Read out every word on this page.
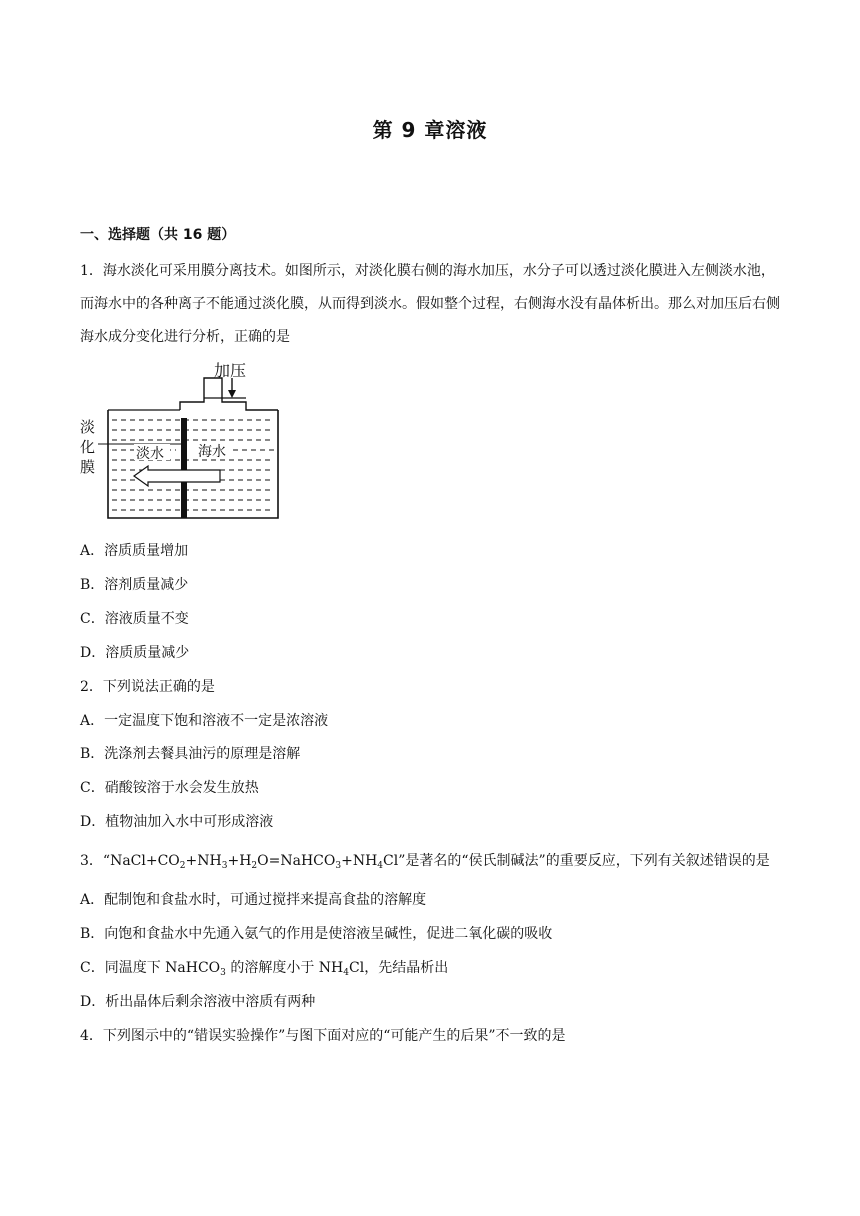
第 9 章溶液
一、选择题（共 16 题）
1．海水淡化可采用膜分离技术。如图所示，对淡化膜右侧的海水加压，水分子可以透过淡化膜进入左侧淡水池，而海水中的各种离子不能通过淡化膜，从而得到淡水。假如整个过程，右侧海水没有晶体析出。那么对加压后右侧海水成分变化进行分析，正确的是
加压
淡
化
膜
淡水 海水
A．溶质质量增加
B．溶剂质量减少
C．溶液质量不变
D．溶质质量减少
2．下列说法正确的是
A．一定温度下饱和溶液不一定是浓溶液
B．洗涤剂去餐具油污的原理是溶解
C．硝酸铵溶于水会发生放热
D．植物油加入水中可形成溶液
3．“$NaCl+CO_2+NH_3+H_2O=NaHCO_3+NH_4Cl$”是著名的“侯氏制碱法”的重要反应，下列有关叙述错误的是
A．配制饱和食盐水时，可通过搅拌来提高食盐的溶解度
B．向饱和食盐水中先通入氨气的作用是使溶液呈碱性，促进二氧化碳的吸收
C．同温度下 NaHCO$_3$ 的溶解度小于 $NH_4Cl$，先结晶析出
D．析出晶体后剩余溶液中溶质有两种
4．下列图示中的“错误实验操作”与图下面对应的“可能产生的后果”不一致的是
